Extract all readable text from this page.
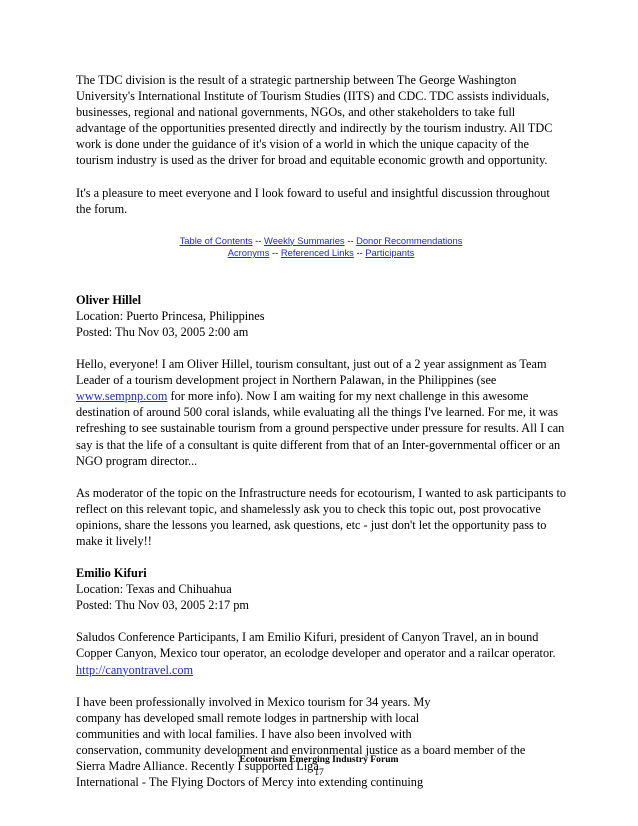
The TDC division is the result of a strategic partnership between The George Washington University's International Institute of Tourism Studies (IITS) and CDC. TDC assists individuals, businesses, regional and national governments, NGOs, and other stakeholders to take full advantage of the opportunities presented directly and indirectly by the tourism industry. All TDC work is done under the guidance of it's vision of a world in which the unique capacity of the tourism industry is used as the driver for broad and equitable economic growth and opportunity.

It's a pleasure to meet everyone and I look foward to useful and insightful discussion throughout the forum.

Table of Contents -- Weekly Summaries -- Donor Recommendations
Acronyms -- Referenced Links -- Participants

Oliver Hillel

Location: Puerto Princesa, Philippines

Posted: Thu Nov 03, 2005 2:00 am

Hello, everyone! I am Oliver Hillel, tourism consultant, just out of a 2 year assignment as Team Leader of a tourism development project in Northern Palawan, in the Philippines (see www.sempnp.com for more info). Now I am waiting for my next challenge in this awesome destination of around 500 coral islands, while evaluating all the things I've learned. For me, it was refreshing to see sustainable tourism from a ground perspective under pressure for results. All I can say is that the life of a consultant is quite different from that of an Inter-governmental officer or an NGO program director...

As moderator of the topic on the Infrastructure needs for ecotourism, I wanted to ask participants to reflect on this relevant topic, and shamelessly ask you to check this topic out, post provocative opinions, share the lessons you learned, ask questions, etc - just don't let the opportunity pass to make it lively!!

Emilio Kifuri

Location: Texas and Chihuahua

Posted: Thu Nov 03, 2005 2:17 pm

Saludos Conference Participants, I am Emilio Kifuri, president of Canyon Travel, an in bound Copper Canyon, Mexico tour operator, an ecolodge developer and operator and a railcar operator.

http://canyontravel.com

I have been professionally involved in Mexico tourism for 34 years. My

company has developed small remote lodges in partnership with local

communities and with local families. I have also been involved with

conservation, community development and environmental justice as a board member of the

Sierra Madre Alliance. Recently I supported Liga

International - The Flying Doctors of Mercy into extending continuing

Ecotourism Emerging Industry Forum
17
